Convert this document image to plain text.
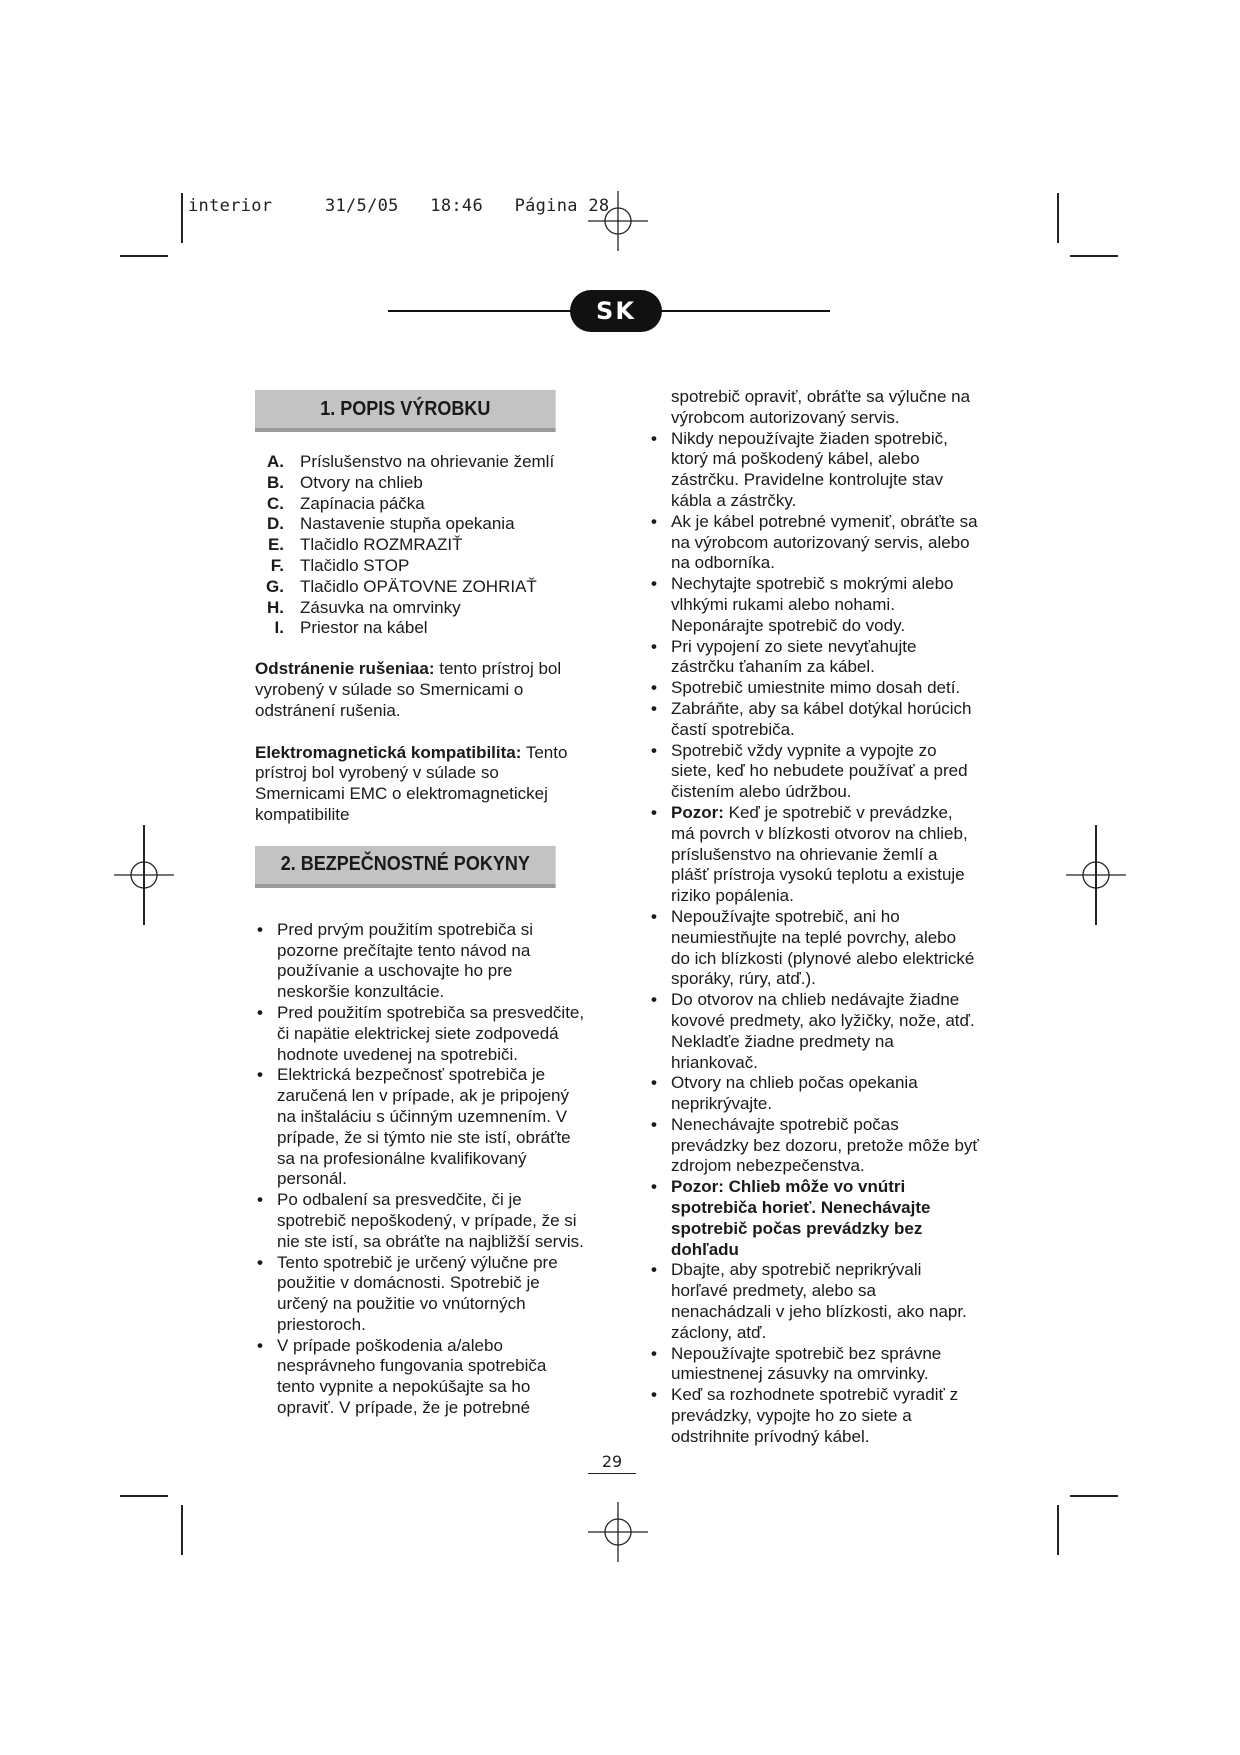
interior     31/5/05   18:46   Página 28
SK
1. POPIS VÝROBKU
A. Príslušenstvo na ohrievanie žemlí
B. Otvory na chlieb
C. Zapínacia páčka
D. Nastavenie stupňa opekania
E. Tlačidlo ROZMRAZIŤ
F. Tlačidlo STOP
G. Tlačidlo OPÄTOVNE ZOHRIAŤ
H. Zásuvka na omrvinky
I. Priestor na kábel

Odstránenie rušeniaa: tento prístroj bol vyrobený v súlade so Smernicami o odstránení rušenia.

Elektromagnetická kompatibilita: Tento prístroj bol vyrobený v súlade so Smernicami EMC o elektromagnetickej kompatibilite

2. BEZPEČNOSTNÉ POKYNY
• Pred prvým použitím spotrebiča si pozorne prečítajte tento návod na používanie a uschovajte ho pre neskoršie konzultácie.
• Pred použitím spotrebiča sa presvedčite, či napätie elektrickej siete zodpovedá hodnote uvedenej na spotrebiči.
• Elektrická bezpečnosť spotrebiča je zaručená len v prípade, ak je pripojený na inštaláciu s účinným uzemnením. V prípade, že si týmto nie ste istí, obráťte sa na profesionálne kvalifikovaný personál.
• Po odbalení sa presvedčite, či je spotrebič nepoškodený, v prípade, že si nie ste istí, sa obráťte na najbližší servis.
• Tento spotrebič je určený výlučne pre použitie v domácnosti. Spotrebič je určený na použitie vo vnútorných priestoroch.
• V prípade poškodenia a/alebo nesprávneho fungovania spotrebiča tento vypnite a nepokúšajte sa ho opraviť. V prípade, že je potrebné
spotrebič opraviť, obráťte sa výlučne na výrobcom autorizovaný servis.
• Nikdy nepoužívajte žiaden spotrebič, ktorý má poškodený kábel, alebo zástrčku. Pravidelne kontrolujte stav kábla a zástrčky.
• Ak je kábel potrebné vymeniť, obráťte sa na výrobcom autorizovaný servis, alebo na odborníka.
• Nechytajte spotrebič s mokrými alebo vlhkými rukami alebo nohami. Neponárajte spotrebič do vody.
• Pri vypojení zo siete nevyťahujte zástrčku ťahaním za kábel.
• Spotrebič umiestnite mimo dosah detí.
• Zabráňte, aby sa kábel dotýkal horúcich častí spotrebiča.
• Spotrebič vždy vypnite a vypojte zo siete, keď ho nebudete používať a pred čistením alebo údržbou.
• Pozor: Keď je spotrebič v prevádzke, má povrch v blízkosti otvorov na chlieb, príslušenstvo na ohrievanie žemlí a plášť prístroja vysokú teplotu a existuje riziko popálenia.
• Nepoužívajte spotrebič, ani ho neumiestňujte na teplé povrchy, alebo do ich blízkosti (plynové alebo elektrické sporáky, rúry, atď.).
• Do otvorov na chlieb nedávajte žiadne kovové predmety, ako lyžičky, nože, atď. Nekladťe žiadne predmety na hriankovač.
• Otvory na chlieb počas opekania neprikrývajte.
• Nenechávajte spotrebič počas prevádzky bez dozoru, pretože môže byť zdrojom nebezpečenstva.
• Pozor: Chlieb môže vo vnútri spotrebiča horieť. Nenechávajte spotrebič počas prevádzky bez dohľadu
• Dbajte, aby spotrebič neprikrývali horľavé predmety, alebo sa nenachádzali v jeho blízkosti, ako napr. záclony, atď.
• Nepoužívajte spotrebič bez správne umiestnenej zásuvky na omrvinky.
• Keď sa rozhodnete spotrebič vyradiť z prevádzky, vypojte ho zo siete a odstrihnite prívodný kábel.
29
